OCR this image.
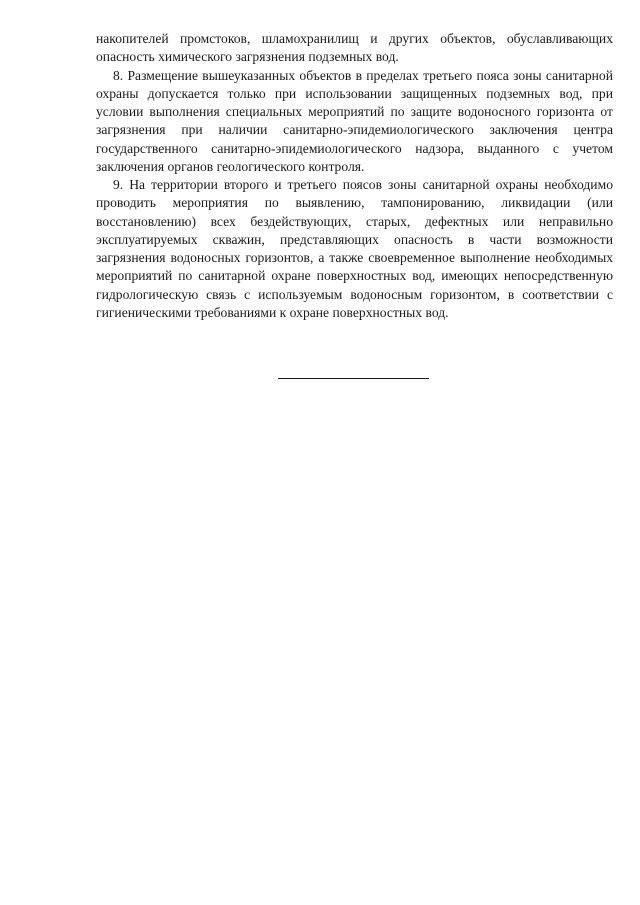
накопителей промстоков, шламохранилищ и других объектов, обуславливающих опасность химического загрязнения подземных вод.

8. Размещение вышеуказанных объектов в пределах третьего пояса зоны санитарной охраны допускается только при использовании защищенных подземных вод, при условии выполнения специальных мероприятий по защите водоносного горизонта от загрязнения при наличии санитарно-эпидемиологического заключения центра государственного санитарно-эпидемиологического надзора, выданного с учетом заключения органов геологического контроля.

9. На территории второго и третьего поясов зоны санитарной охраны необходимо проводить мероприятия по выявлению, тампонированию, ликвидации (или восстановлению) всех бездействующих, старых, дефектных или неправильно эксплуатируемых скважин, представляющих опасность в части возможности загрязнения водоносных горизонтов, а также своевременное выполнение необходимых мероприятий по санитарной охране поверхностных вод, имеющих непосредственную гидрологическую связь с используемым водоносным горизонтом, в соответствии с гигиеническими требованиями к охране поверхностных вод.
